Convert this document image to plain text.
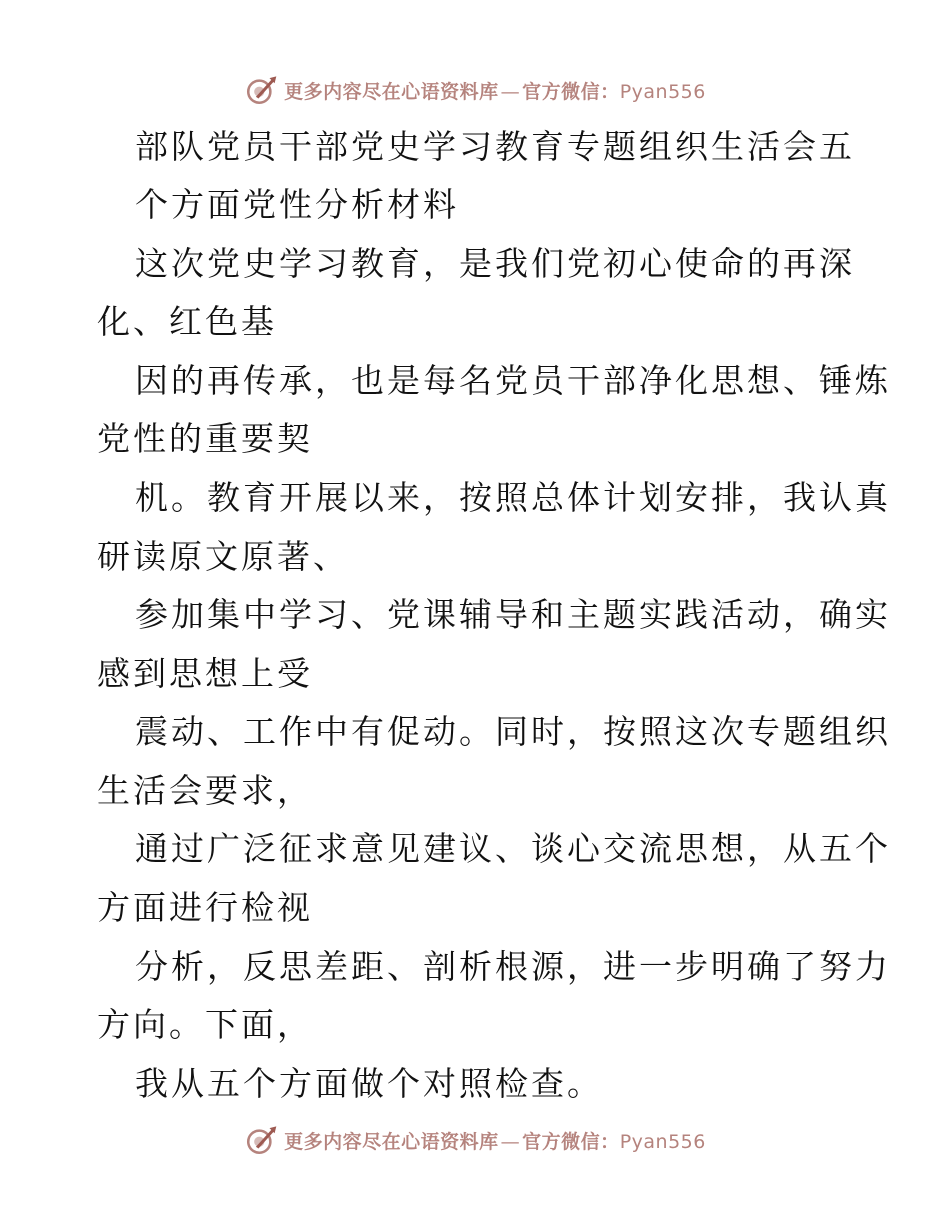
更多内容尽在心语资料库 — 官方微信：Pyan556
部队党员干部党史学习教育专题组织生活会五
个方面党性分析材料
这次党史学习教育，是我们党初心使命的再深
化、红色基
因的再传承，也是每名党员干部净化思想、锤炼
党性的重要契
机。教育开展以来，按照总体计划安排，我认真
研读原文原著、
参加集中学习、党课辅导和主题实践活动，确实
感到思想上受
震动、工作中有促动。同时，按照这次专题组织
生活会要求，
通过广泛征求意见建议、谈心交流思想，从五个
方面进行检视
分析，反思差距、剖析根源，进一步明确了努力
方向。下面，
我从五个方面做个对照检查。
更多内容尽在心语资料库 — 官方微信：Pyan556
